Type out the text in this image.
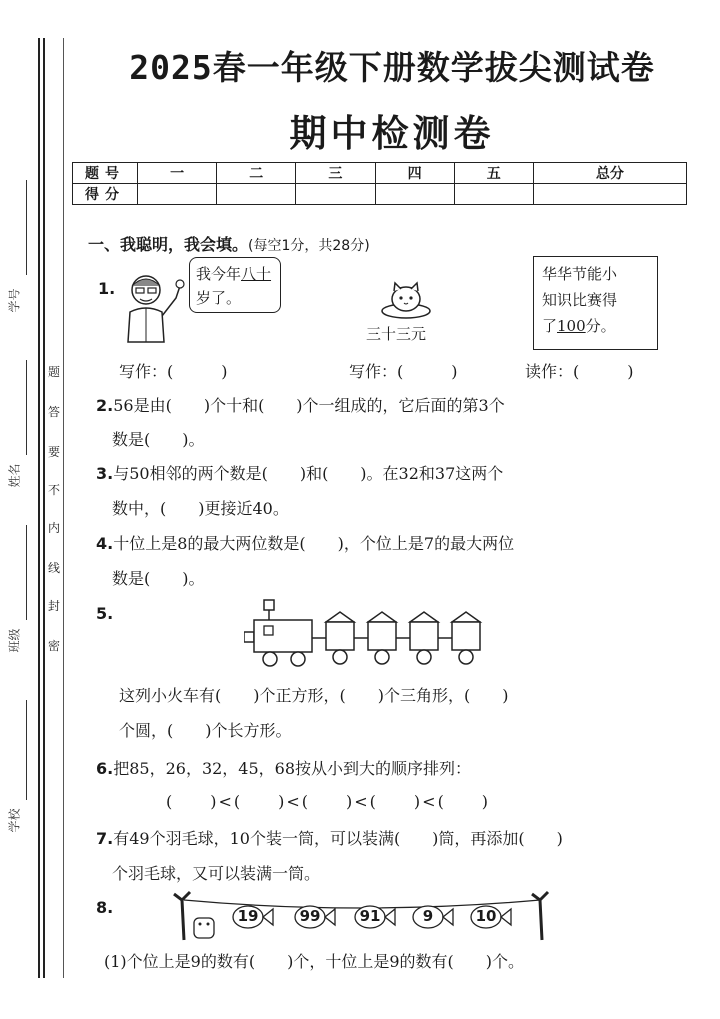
学号
姓名
班级
学校
密
封
线
内
不
要
答
题
2025春一年级下册数学拔尖测试卷
期中检测卷
题号	一	二	三	四	五	总分
得分						
一、我聪明，我会填。(每空1分，共28分)
1.
我今年八十
岁了。
三十三元
华华节能小
知识比赛得
了100分。
写作：(　　　)	写作：(　　　)	读作：(　　　)
2.56是由(　　)个十和(　　)个一组成的，它后面的第3个
数是(　　)。
3.与50相邻的两个数是(　　)和(　　)。在32和37这两个
数中，(　　)更接近40。
4.十位上是8的最大两位数是(　　)，个位上是7的最大两位
数是(　　)。
5.
这列小火车有(　　)个正方形，(　　)个三角形，(　　)
个圆，(　　)个长方形。
6.把85，26，32，45，68按从小到大的顺序排列：
(　　)<(　　)<(　　)<(　　)<(　　)
7.有49个羽毛球，10个装一筒，可以装满(　　)筒，再添加(　　)
个羽毛球，又可以装满一筒。
8.	19	99	91	9	10
(1)个位上是9的数有(　　)个，十位上是9的数有(　　)个。
